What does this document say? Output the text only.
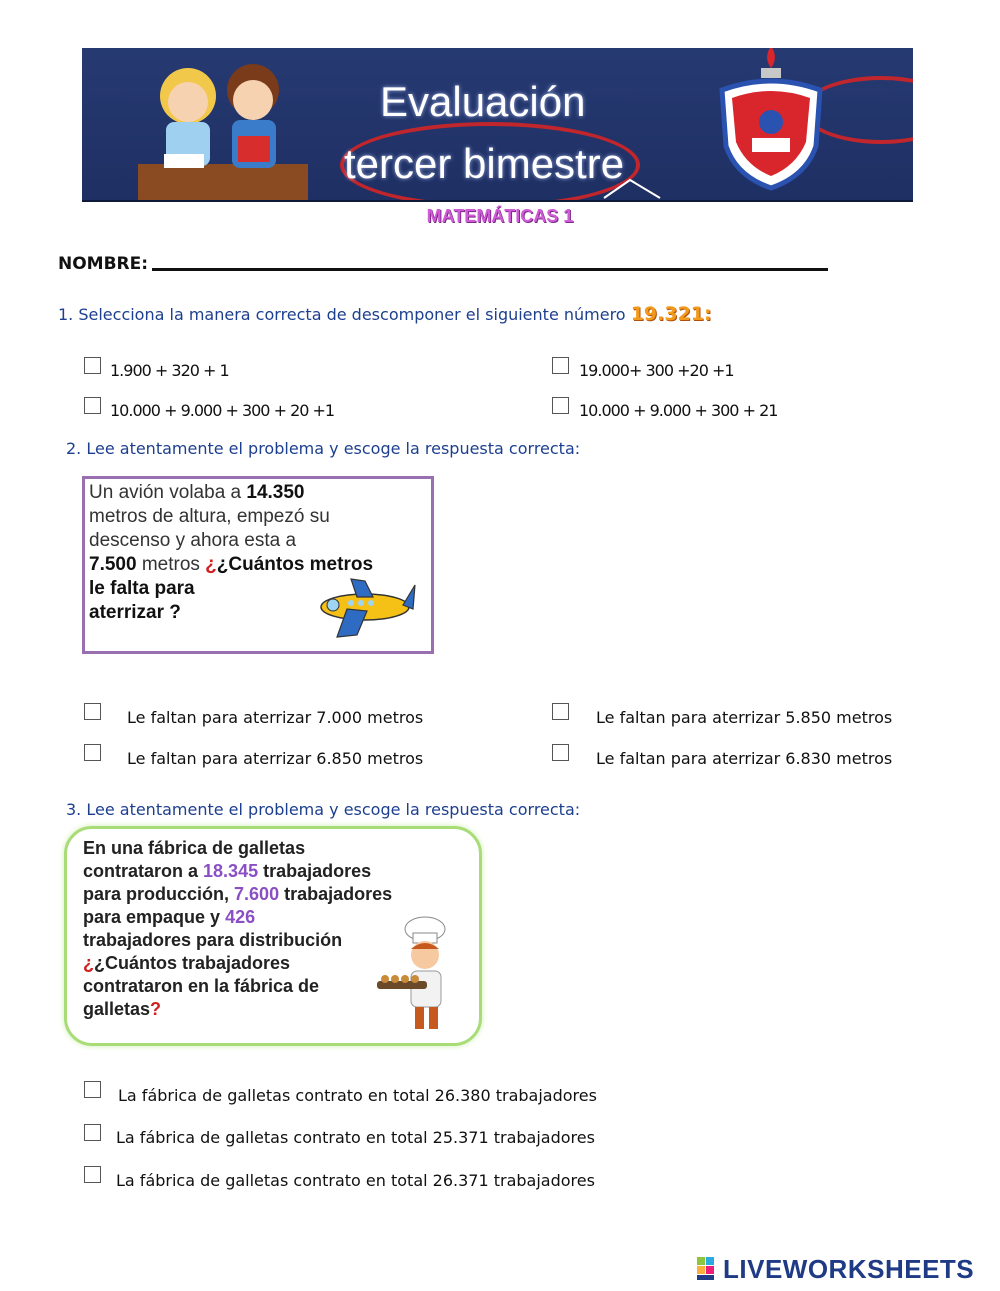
Evaluación
tercer bimestre
MATEMÁTICAS 1
NOMBRE:
1. Selecciona la manera correcta de descomponer el siguiente número 19.321:
1.900 + 320 + 1	19.000+ 300 +20 +1
10.000 + 9.000 + 300 + 20 +1	10.000 + 9.000 + 300 + 21
2. Lee atentamente el problema y escoge la respuesta correcta:
Un avión volaba a 14.350
metros de altura, empezó su
descenso y ahora esta a
7.500 metros ¿¿Cuántos metros
le falta para
aterrizar ?
Le faltan para aterrizar 7.000 metros	Le faltan para aterrizar 5.850 metros
Le faltan para aterrizar 6.850 metros	Le faltan para aterrizar 6.830 metros
3. Lee atentamente el problema y escoge la respuesta correcta:
En una fábrica de galletas
contrataron a 18.345 trabajadores
para producción, 7.600 trabajadores
para empaque y 426
trabajadores para distribución
¿¿Cuántos trabajadores
contrataron en la fábrica de
galletas?
La fábrica de galletas contrato en total 26.380 trabajadores
La fábrica de galletas contrato en total 25.371 trabajadores
La fábrica de galletas contrato en total 26.371 trabajadores
LIVEWORKSHEETS
